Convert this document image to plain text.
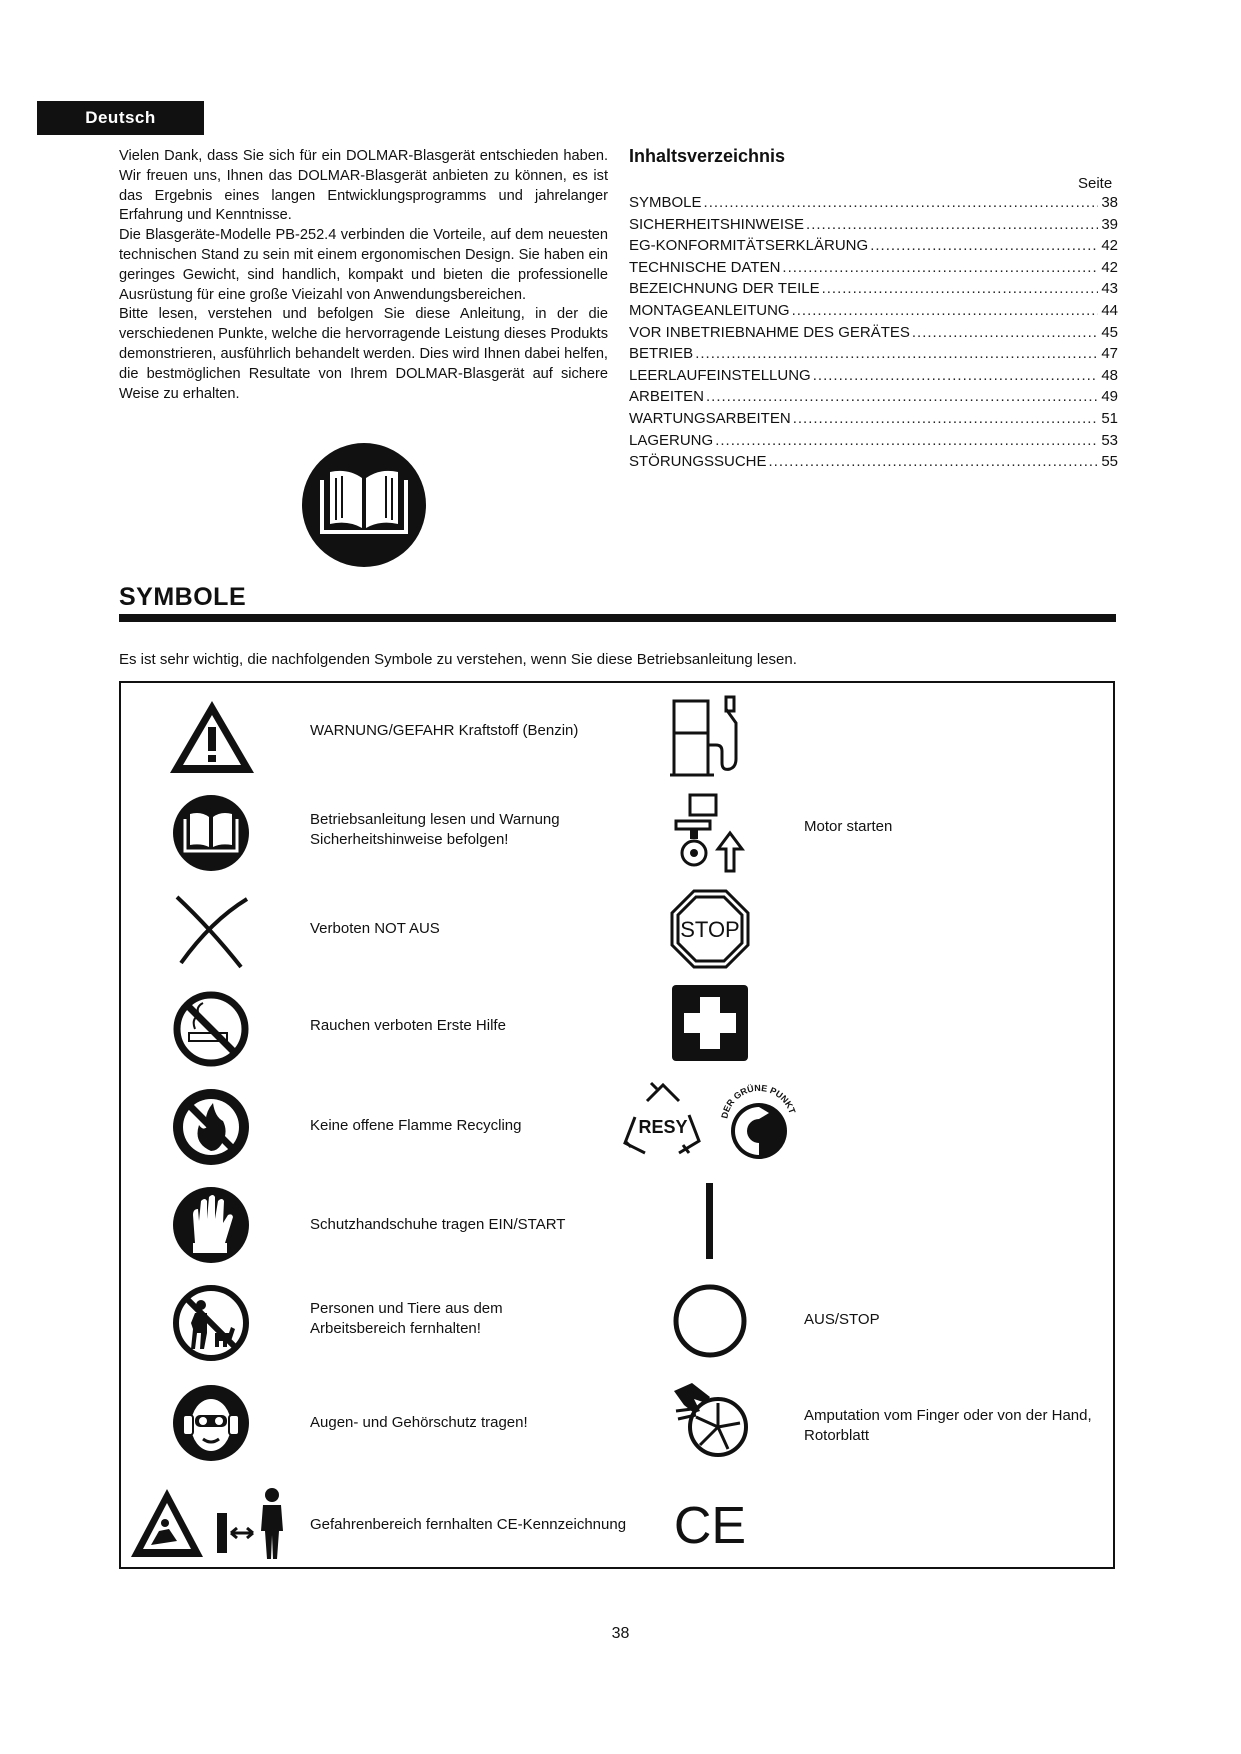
Deutsch

Vielen Dank, dass Sie sich für ein DOLMAR-Blasgerät entschieden haben. Wir freuen uns, Ihnen das DOLMAR-Blasgerät anbieten zu können, es ist das Ergebnis eines langen Entwicklungsprogramms und jahrelanger Erfahrung und Kenntnisse.

Die Blasgeräte-Modelle PB-252.4 verbinden die Vorteile, auf dem neuesten technischen Stand zu sein mit einem ergonomischen Design. Sie haben ein geringes Gewicht, sind handlich, kompakt und bieten die professionelle Ausrüstung für eine große Vieizahl von Anwendungsbereichen.

Bitte lesen, verstehen und befolgen Sie diese Anleitung, in der die verschiedenen Punkte, welche die hervorragende Leistung dieses Produkts demonstrieren, ausführlich behandelt werden. Dies wird Ihnen dabei helfen, die bestmöglichen Resultate von Ihrem DOLMAR-Blasgerät auf sichere Weise zu erhalten.

Inhaltsverzeichnis
Seite
SYMBOLE .....	38
SICHERHEITSHINWEISE .....	39
EG-KONFORMITÄTSERKLÄRUNG .....	42
TECHNISCHE DATEN .....	42
BEZEICHNUNG DER TEILE .....	43
MONTAGEANLEITUNG .....	44
VOR INBETRIEBNAHME DES GERÄTES .....	45
BETRIEB .....	47
LEERLAUFEINSTELLUNG .....	48
ARBEITEN .....	49
WARTUNGSARBEITEN .....	51
LAGERUNG .....	53
STÖRUNGSSUCHE .....	55
SYMBOLE
Es ist sehr wichtig, die nachfolgenden Symbole zu verstehen, wenn Sie diese Betriebsanleitung lesen.
WARNUNG/GEFAHR Kraftstoff (Benzin)
Betriebsanleitung lesen und Warnung
Sicherheitshinweise befolgen!
Verboten NOT AUS
Rauchen verboten Erste Hilfe
Keine offene Flamme Recycling
Schutzhandschuhe tragen EIN/START
Personen und Tiere aus dem
Arbeitsbereich fernhalten!
Augen- und Gehörschutz tragen!
Gefahrenbereich fernhalten CE-Kennzeichnung
Motor starten
STOP
RESY
DER GRÜNE PUNKT
AUS/STOP
Amputation vom Finger oder von der Hand,
Rotorblatt
CE
38
